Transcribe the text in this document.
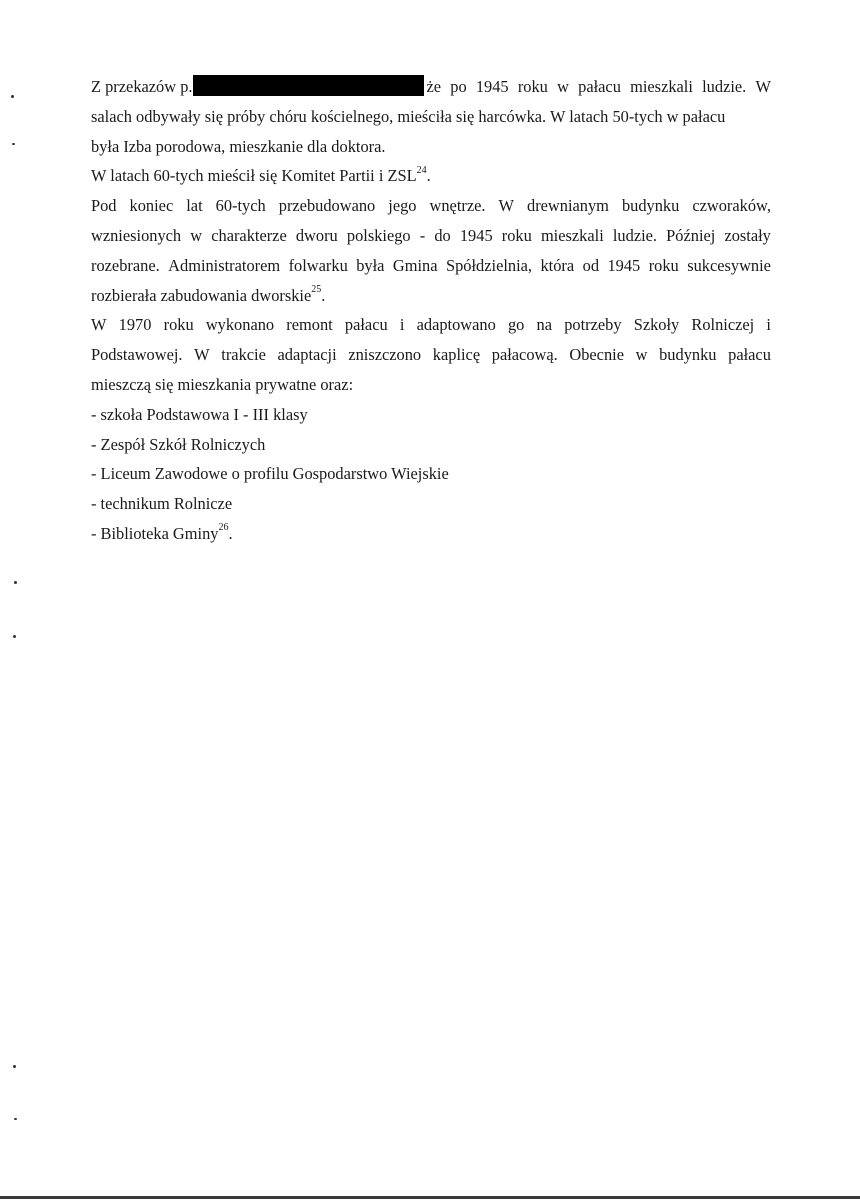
Z przekazów p.	że po 1945 roku w pałacu mieszkali ludzie. W
salach odbywały się próby chóru kościelnego, mieściła się harcówka. W latach 50-tych w pałacu
była Izba porodowa, mieszkanie dla doktora.
W latach 60-tych mieścił się Komitet Partii i ZSL$^{24}$.
Pod koniec lat 60-tych przebudowano jego wnętrze. W drewnianym budynku czworaków,
wzniesionych w charakterze dworu polskiego - do 1945 roku mieszkali ludzie. Później zostały
rozebrane. Administratorem folwarku była Gmina Spółdzielnia, która od 1945 roku sukcesywnie
rozbierała zabudowania dworskie$^{25}$.
W 1970 roku wykonano remont pałacu i adaptowano go na potrzeby Szkoły Rolniczej i
Podstawowej. W trakcie adaptacji zniszczono kaplicę pałacową. Obecnie w budynku pałacu
mieszczą się mieszkania prywatne oraz:
- szkoła Podstawowa I - III klasy
- Zespół Szkół Rolniczych
- Liceum Zawodowe o profilu Gospodarstwo Wiejskie
- technikum Rolnicze
- Biblioteka Gminy$^{26}$.
